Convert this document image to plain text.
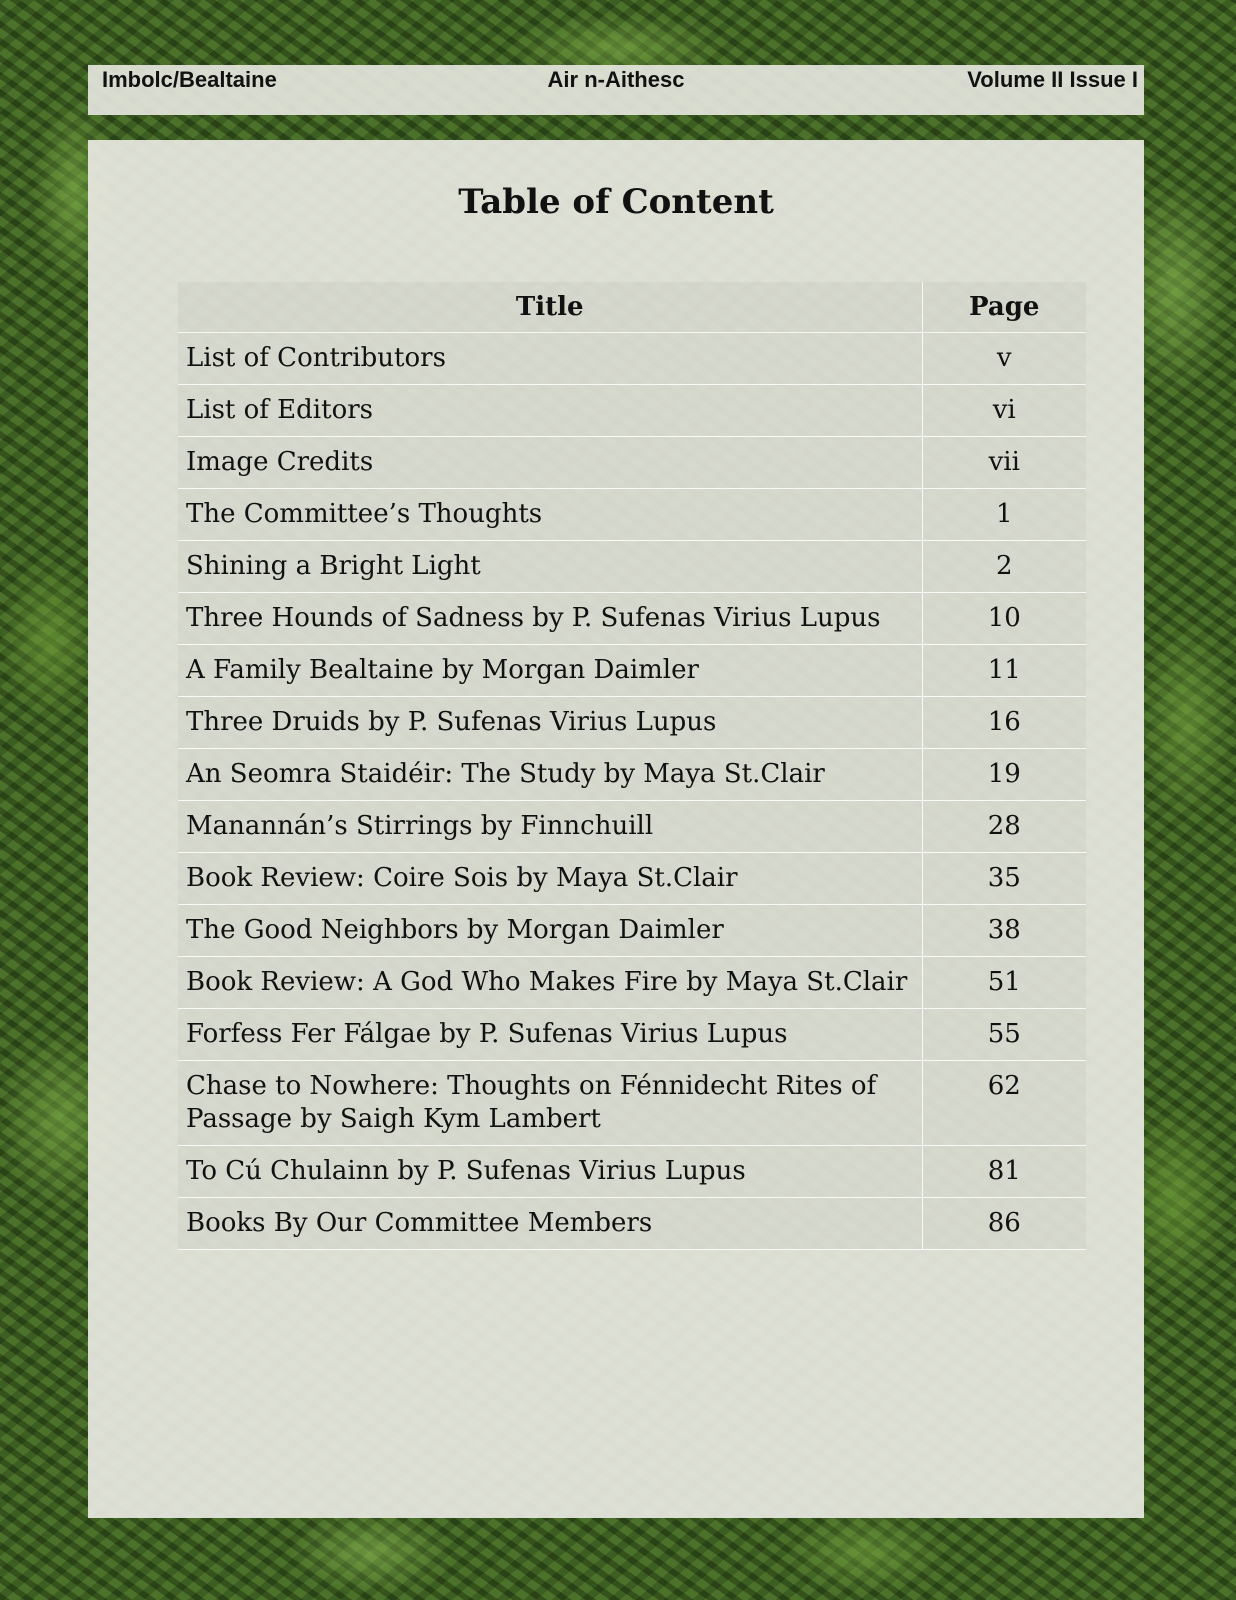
Imbolc/Bealtaine	Air n-Aithesc	Volume II Issue I
Table of Content
Title	Page
List of Contributors	v
List of Editors	vi
Image Credits	vii
The Committee’s Thoughts	1
Shining a Bright Light	2
Three Hounds of Sadness by P. Sufenas Virius Lupus	10
A Family Bealtaine by Morgan Daimler	11
Three Druids by P. Sufenas Virius Lupus	16
An Seomra Staidéir: The Study by Maya St.Clair	19
Manannán’s Stirrings by Finnchuill	28
Book Review: Coire Sois by Maya St.Clair	35
The Good Neighbors by Morgan Daimler	38
Book Review: A God Who Makes Fire by Maya St.Clair	51
Forfess Fer Fálgae by P. Sufenas Virius Lupus	55
Chase to Nowhere: Thoughts on Fénnidecht Rites of Passage by Saigh Kym Lambert	62
To Cú Chulainn by P. Sufenas Virius Lupus	81
Books By Our Committee Members	86
